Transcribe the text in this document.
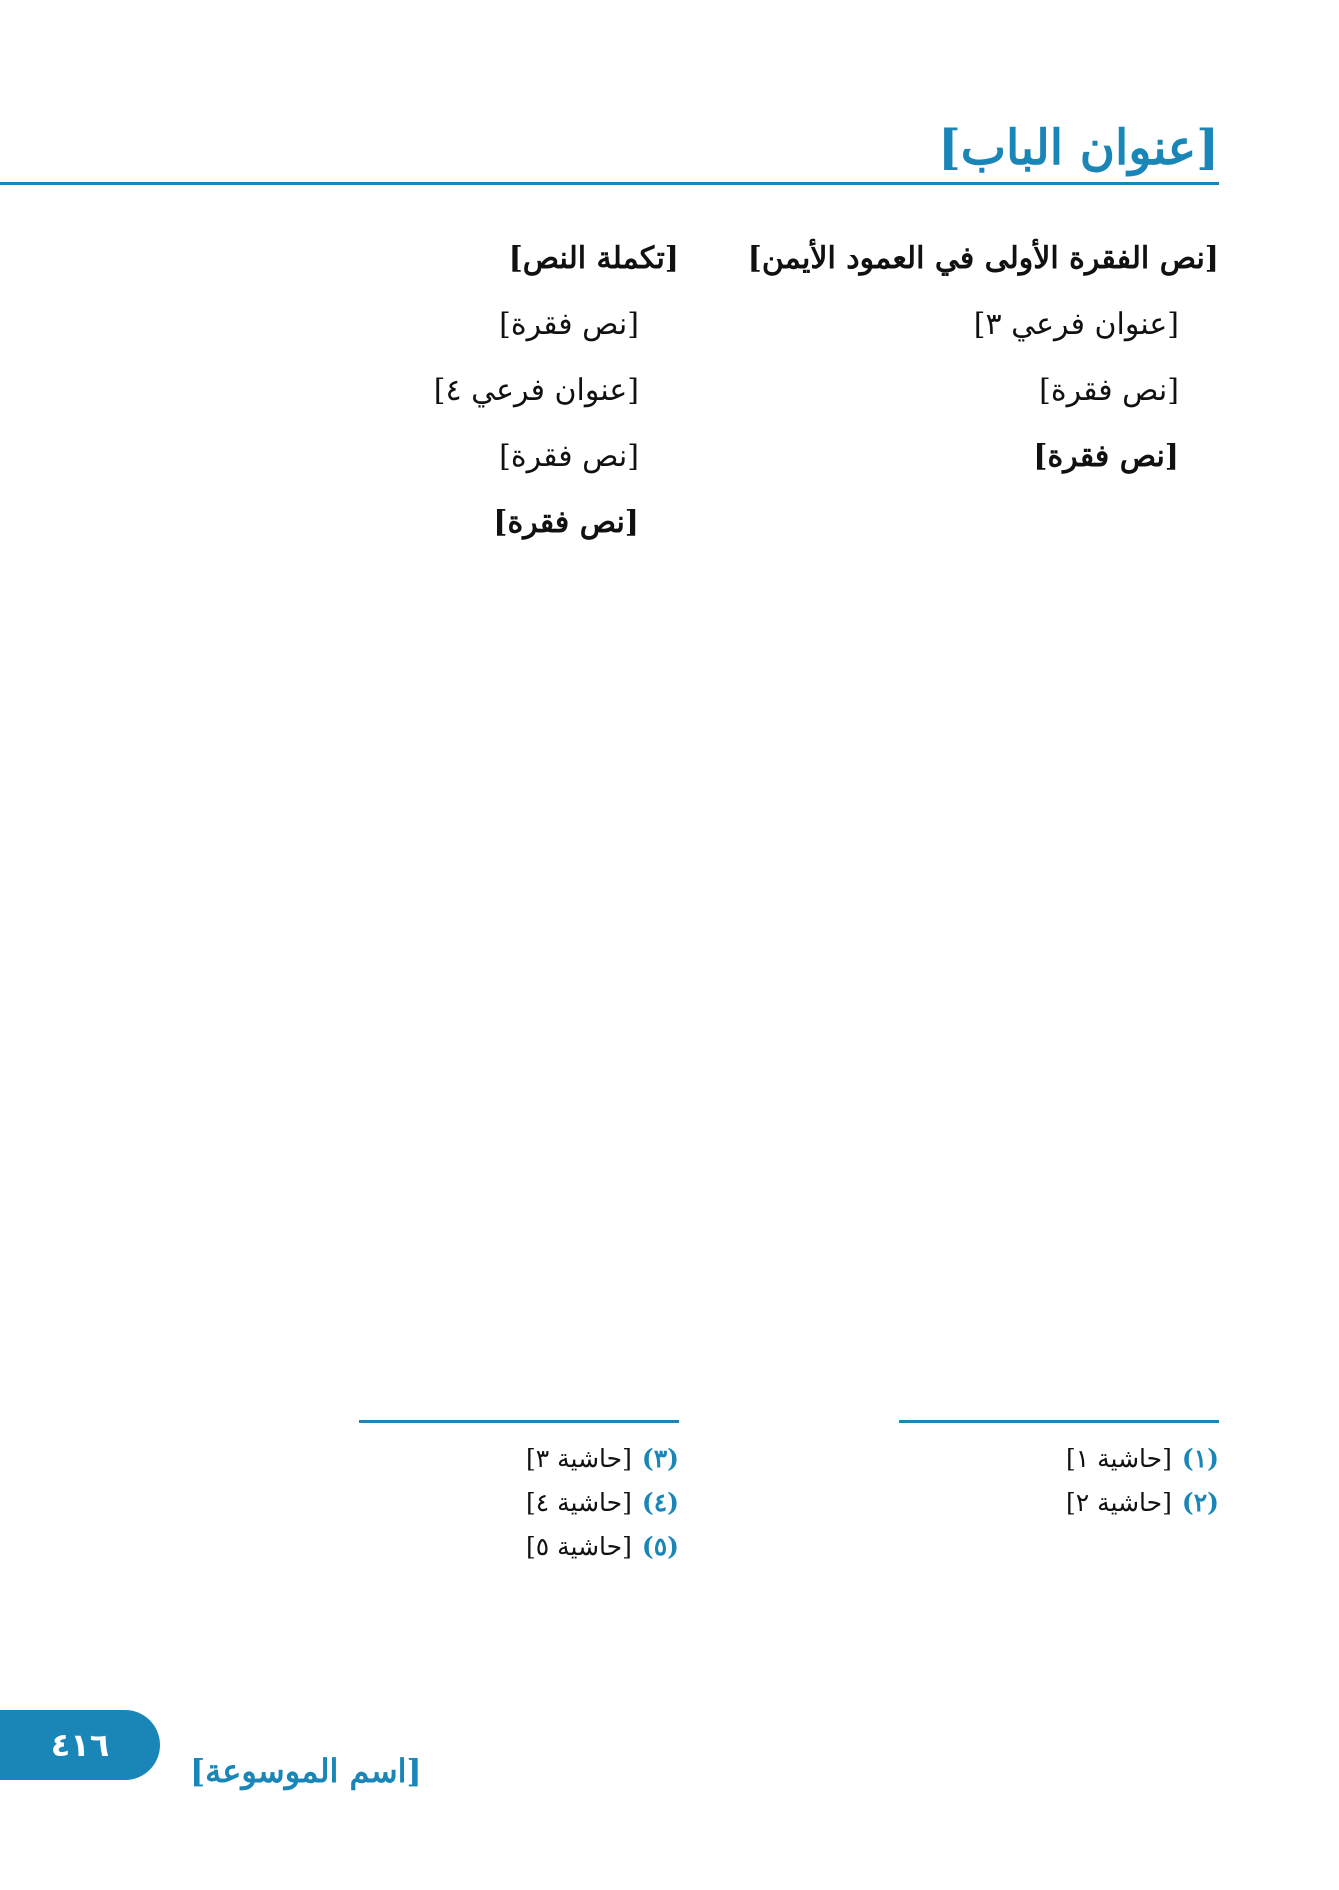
[عنوان الباب]

[نص الفقرة الأولى في العمود الأيمن]

[عنوان فرعي ٣]

[نص فقرة]

[نص فقرة]

[تكملة النص]

[نص فقرة]

[عنوان فرعي ٤]

[نص فقرة]

[نص فقرة]

(١)[حاشية ١]
(٢)[حاشية ٢]
(٣)[حاشية ٣]
(٤)[حاشية ٤]
(٥)[حاشية ٥]
٤١٦
[اسم الموسوعة]
